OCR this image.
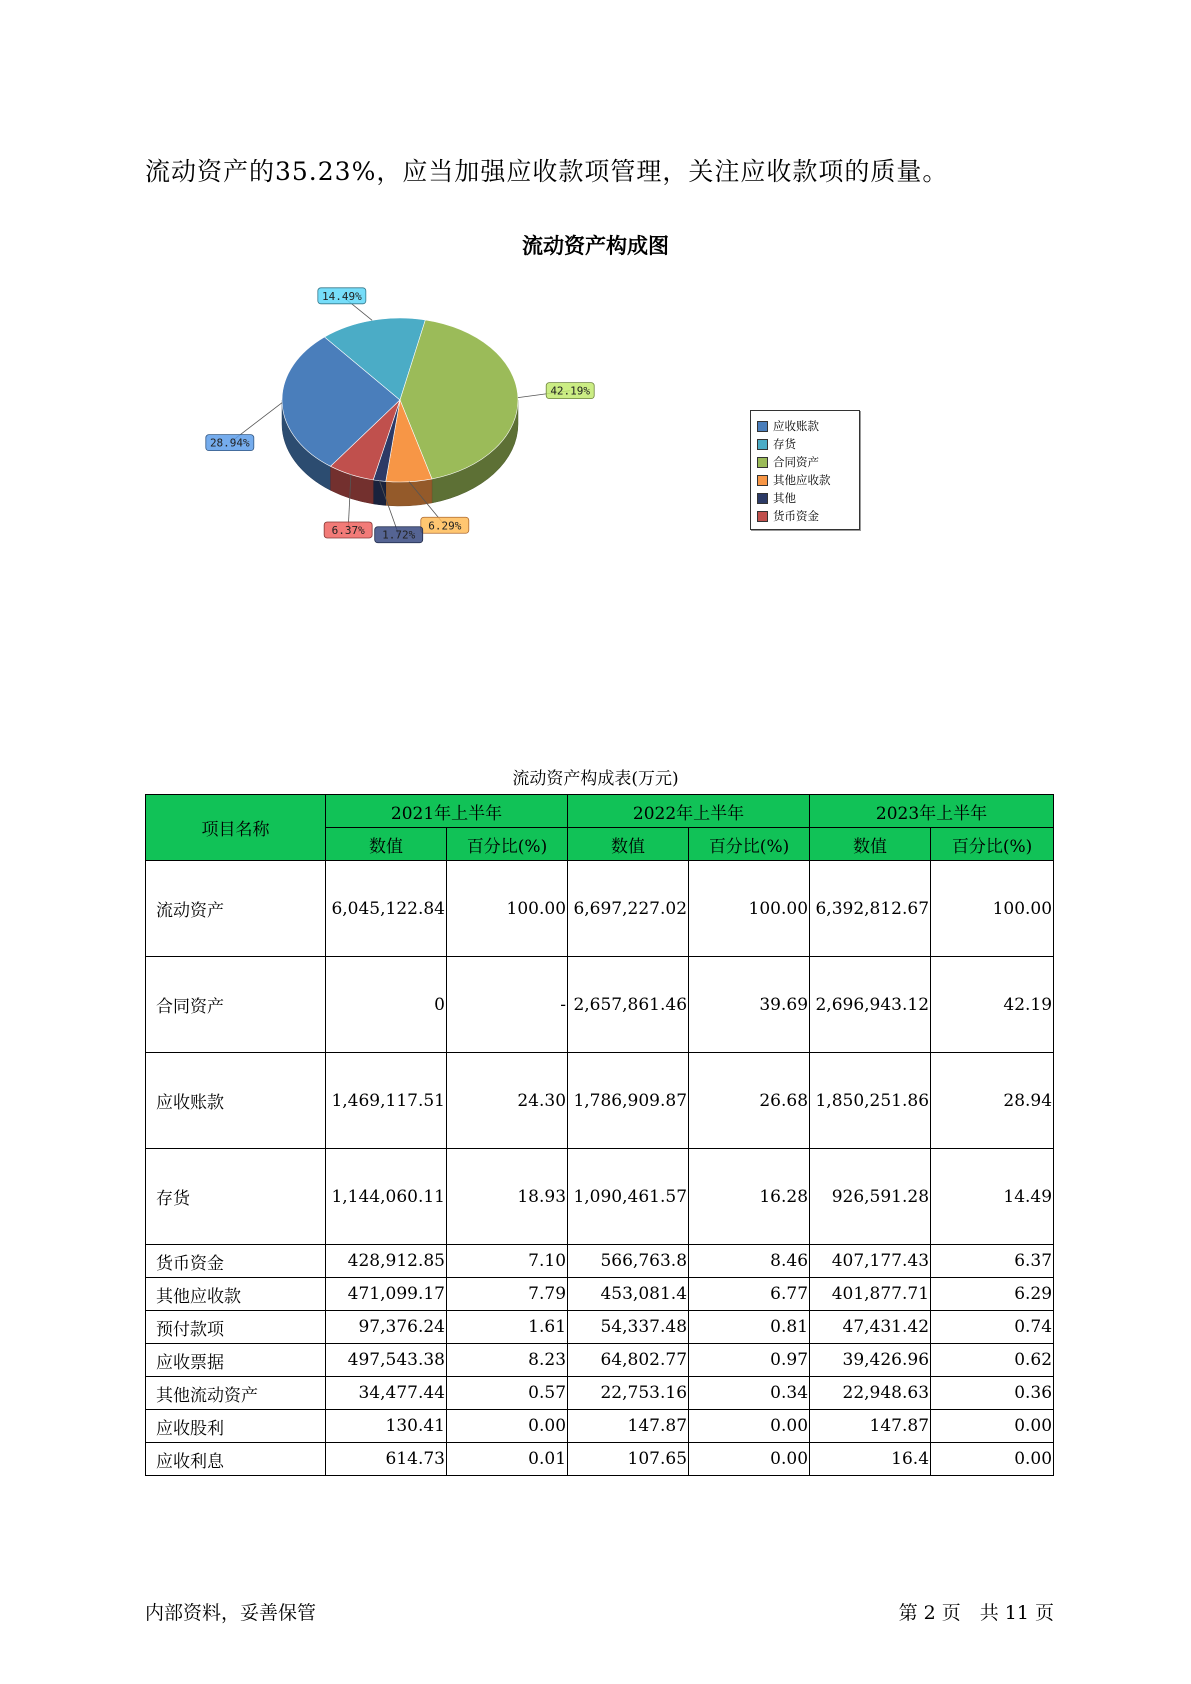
流动资产的35.23%，应当加强应收款项管理，关注应收款项的质量。
流动资产构成图
28.94%
14.49%
42.19%
6.29%
1.72%
6.37%
应收账款
存货
合同资产
其他应收款
其他
货币资金
流动资产构成表(万元)
项目名称	2021年上半年		2022年上半年		2023年上半年	
	数值	百分比(%)	数值	百分比(%)	数值	百分比(%)
流动资产	6,045,122.84	100.00	6,697,227.02	100.00	6,392,812.67	100.00
合同资产	0	-	2,657,861.46	39.69	2,696,943.12	42.19
应收账款	1,469,117.51	24.30	1,786,909.87	26.68	1,850,251.86	28.94
存货	1,144,060.11	18.93	1,090,461.57	16.28	926,591.28	14.49
货币资金	428,912.85	7.10	566,763.8	8.46	407,177.43	6.37
其他应收款	471,099.17	7.79	453,081.4	6.77	401,877.71	6.29
预付款项	97,376.24	1.61	54,337.48	0.81	47,431.42	0.74
应收票据	497,543.38	8.23	64,802.77	0.97	39,426.96	0.62
其他流动资产	34,477.44	0.57	22,753.16	0.34	22,948.63	0.36
应收股利	130.41	0.00	147.87	0.00	147.87	0.00
应收利息	614.73	0.01	107.65	0.00	16.4	0.00
内部资料，妥善保管	第 2 页　共 11 页
